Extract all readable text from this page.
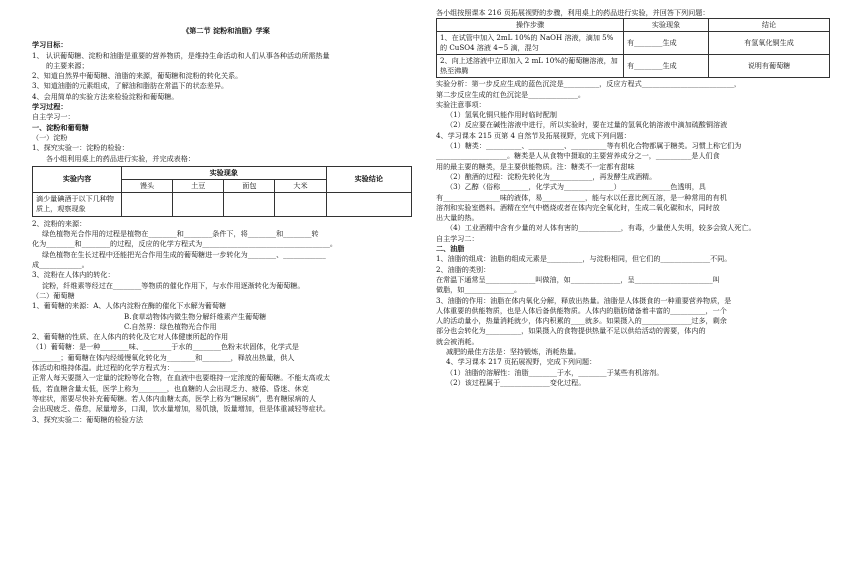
《第二节 淀粉和油脂》学案
学习目标：
1、 认识葡萄糖、淀粉和油脂是重要的营养物质，是维持生命活动和人们从事各种活动所需热量
的主要来源；
2、知道自然界中葡萄糖、油脂的来源，葡萄糖和淀粉的转化关系。
3、知道油脂的元素组成，了解油和脂肪在常温下的状态差异。
4、会用简单的实验方法来检验淀粉和葡萄糖。
学习过程：
自主学习一：
一、淀粉和葡萄糖
（一）淀粉
1、探究实验一：淀粉的检验：
各小组利用桌上的药品进行实验，并完成表格：
实验内容	实验现象				实验结论
	馒头	土豆	面包	大米	
滴少量碘酒于以下几种物质上，观察现象					
2、淀粉的来源：
绿色植物光合作用的过程是植物在________和________条件下，将________和________转
化为________和________的过程，反应的化学方程式为____________________________________。
绿色植物在生长过程中还能把光合作用生成的葡萄糖进一步转化为________、____________
成____________。
3、淀粉在人体内的转化：
淀粉，纤维素等经过在________等物质的催化作用下，与水作用逐渐转化为葡萄糖。
（二）葡萄糖
1、葡萄糖的来源：A、人体内淀粉在酶的催化下水解为葡萄糖
B.食草动物体内微生物分解纤维素产生葡萄糖
C.自然界：绿色植物光合作用
2、葡萄糖的性质、在人体内的转化及它对人体健康所起的作用
（1）葡萄糖：是一种________味、________于水的________色粉末状固体，化学式是
________；葡萄糖在体内经缓慢氧化转化为________和________，释放出热量，供人
体活动和维持体温。此过程的化学方程式为：__________________
正常人每天要摄入一定量的淀粉等化合物，在血液中也要维持一定浓度的葡萄糖。不能太高或太
低，若血糖含量太低，医学上称为________，也血糖的人会出现乏力、疲倦、昏迷、休克
等症状，需要尽快补充葡萄糖。若人体内血糖太高，医学上称为“糖尿病”，患有糖尿病的人
会出现疲乏、倦怠，尿量增多，口渴，饮水量增加，易饥饿，饭量增加，但是体重减轻等症状。
3、探究实验二：葡萄糖的检验方法
各小组按照课本 216 页拓展视野的步骤，利用桌上的药品进行实验，并回答下列问题：
操作步骤	实验现象	结论
1、在试管中加入 2mL 10%的 NaOH 溶液，滴加 5%的 CuSO4 溶液 4~5 滴，混匀	有________生成	有氢氧化铜生成
2、向上述溶液中立即加入 2 mL 10%的葡萄糖溶液，加热至沸腾	有________生成	说明有葡萄糖
实验分析：第一步反应生成的蓝色沉淀是__________，反应方程式__________________________，
第二步反应生成的红色沉淀是______________。
实验注意事项：
（1）氢氧化铜只能作用时临时配制
（2）反应要在碱性溶液中进行，所以实验时，要在过量的氢氧化钠溶液中滴加硫酸铜溶液
4、学习课本 215 页第 4 自然节及拓展视野，完成下列问题：
（1）糖类：__________、__________、__________等有机化合物都属于糖类。习惯上称它们为
____________________。糖类是人从食物中摄取的主要营养成分之一，__________是人们食
用的最主要的糖类，是主要供能物质。注：糖类不一定都有甜味
（2）酿酒的过程：淀粉先转化为____________，再发酵生成酒精。
（3）乙醇（俗称________，化学式为______________）______________色透明，具
有________________味的液体，易____________，能与水以任意比例互溶，是一种常用的有机
溶剂和实验室燃料。酒精在空气中燃烧或者在体内完全氧化时，生成二氧化碳和水，同时放
出大量的热。
（4）工业酒精中含有少量的对人体有害的____________，有毒，少量使人失明，较多会致人死亡。
自主学习二：
二、油脂
1、油脂的组成：油脂的组成元素是__________，与淀粉相同，但它们的______________不同。
2、油脂的类别：
在常温下通常呈______________叫做油，如______________，呈______________________叫
做脂，如______________。
3、油脂的作用：油脂在体内氧化分解，释放出热量。油脂是人体摄食的一种重要营养物质，是
人体重要的供能物质，也是人体后备供能物质。人体内的脂肪储备着丰富的__________，一个
人的活动量小，热量消耗就少，体内积累的____就多。如果摄入的______________过多，剩余
部分也会转化为__________，如果摄入的食物提供热量不足以供给活动的需要，体内的
就会被消耗。
减肥的最佳方法是：坚持锻炼，消耗热量。
4、学习课本 217 页拓展视野，完成下列问题：
（1）油脂的溶解性：油脂________于水，________于某些有机溶剂。
（2）该过程属于______________变化过程。
